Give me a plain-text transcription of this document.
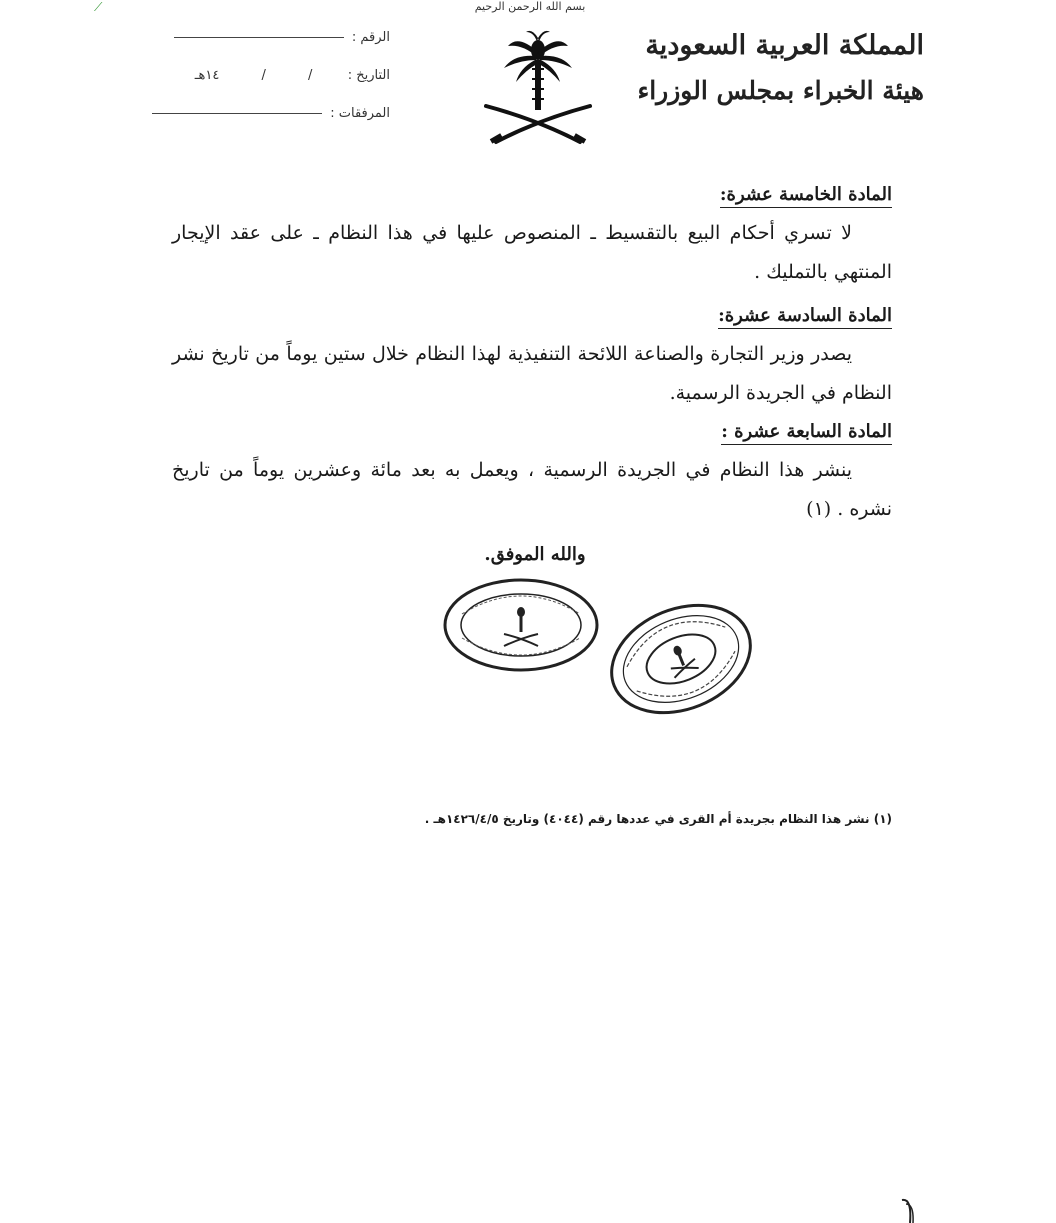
⟋	بسم الله الرحمن الرحيم
المملكة العربية السعودية
هيئة الخبراء بمجلس الوزراء
الرقم :
التاريخ : / / ١٤هـ
المرفقات :
المادة الخامسة عشرة:
لا تسري أحكام البيع بالتقسيط ـ المنصوص عليها في هذا النظام ـ على عقد الإيجار المنتهي بالتمليك .
المادة السادسة عشرة:
يصدر وزير التجارة والصناعة اللائحة التنفيذية لهذا النظام خلال ستين يوماً من تاريخ نشر النظام في الجريدة الرسمية.
المادة السابعة عشرة :
ينشر هذا النظام في الجريدة الرسمية ، ويعمل به بعد مائة وعشرين يوماً من تاريخ نشره . (١)
والله الموفق.
(١) نشر هذا النظام بجريدة أم القرى في عددها رقم (٤٠٤٤) وتاريخ ١٤٢٦/٤/٥هـ .
